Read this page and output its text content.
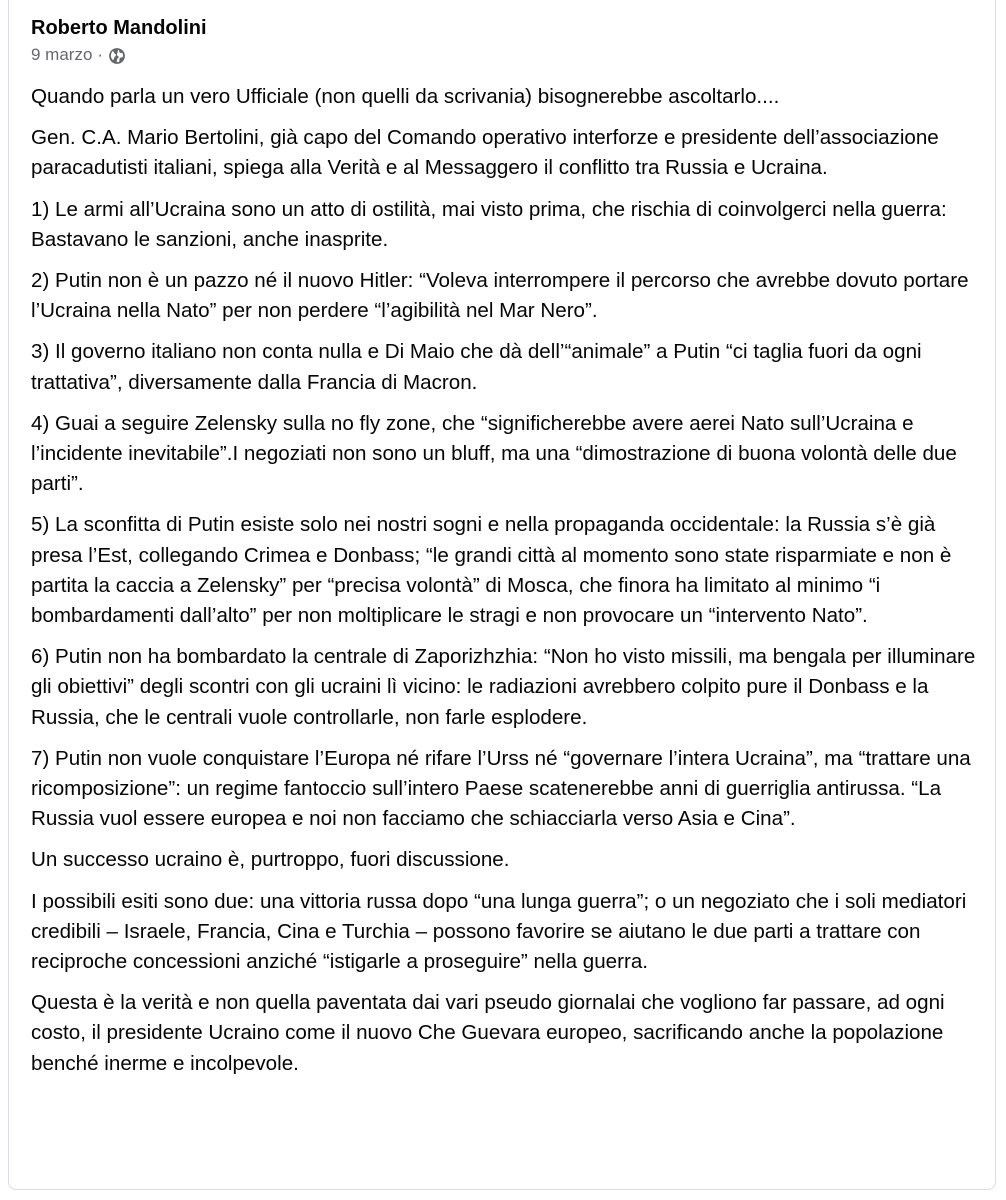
Roberto Mandolini
9 marzo ·

Quando parla un vero Ufficiale (non quelli da scrivania) bisognerebbe ascoltarlo....

Gen. C.A. Mario Bertolini, già capo del Comando operativo interforze e presidente dell’associazione paracadutisti italiani, spiega alla Verità e al Messaggero il conflitto tra Russia e Ucraina.

1) Le armi all’Ucraina sono un atto di ostilità, mai visto prima, che rischia di coinvolgerci nella guerra: Bastavano le sanzioni, anche inasprite.

2) Putin non è un pazzo né il nuovo Hitler: “Voleva interrompere il percorso che avrebbe dovuto portare l’Ucraina nella Nato” per non perdere “l’agibilità nel Mar Nero”.

3) Il governo italiano non conta nulla e Di Maio che dà dell’“animale” a Putin “ci taglia fuori da ogni trattativa”, diversamente dalla Francia di Macron.

4) Guai a seguire Zelensky sulla no fly zone, che “significherebbe avere aerei Nato sull’Ucraina e l’incidente inevitabile”.I negoziati non sono un bluff, ma una “dimostrazione di buona volontà delle due parti”.

5) La sconfitta di Putin esiste solo nei nostri sogni e nella propaganda occidentale: la Russia s’è già presa l’Est, collegando Crimea e Donbass; “le grandi città al momento sono state risparmiate e non è partita la caccia a Zelensky” per “precisa volontà” di Mosca, che finora ha limitato al minimo “i bombardamenti dall’alto” per non moltiplicare le stragi e non provocare un “intervento Nato”.

6) Putin non ha bombardato la centrale di Zaporizhzhia: “Non ho visto missili, ma bengala per illuminare gli obiettivi” degli scontri con gli ucraini lì vicino: le radiazioni avrebbero colpito pure il Donbass e la Russia, che le centrali vuole controllarle, non farle esplodere.

7) Putin non vuole conquistare l’Europa né rifare l’Urss né “governare l’intera Ucraina”, ma “trattare una ricomposizione”: un regime fantoccio sull’intero Paese scatenerebbe anni di guerriglia antirussa. “La Russia vuol essere europea e noi non facciamo che schiacciarla verso Asia e Cina”.

Un successo ucraino è, purtroppo, fuori discussione.

I possibili esiti sono due: una vittoria russa dopo “una lunga guerra”; o un negoziato che i soli mediatori credibili – Israele, Francia, Cina e Turchia – possono favorire se aiutano le due parti a trattare con reciproche concessioni anziché “istigarle a proseguire” nella guerra.

Questa è la verità e non quella paventata dai vari pseudo giornalai che vogliono far passare, ad ogni costo, il presidente Ucraino come il nuovo Che Guevara europeo, sacrificando anche la popolazione benché inerme e incolpevole.
